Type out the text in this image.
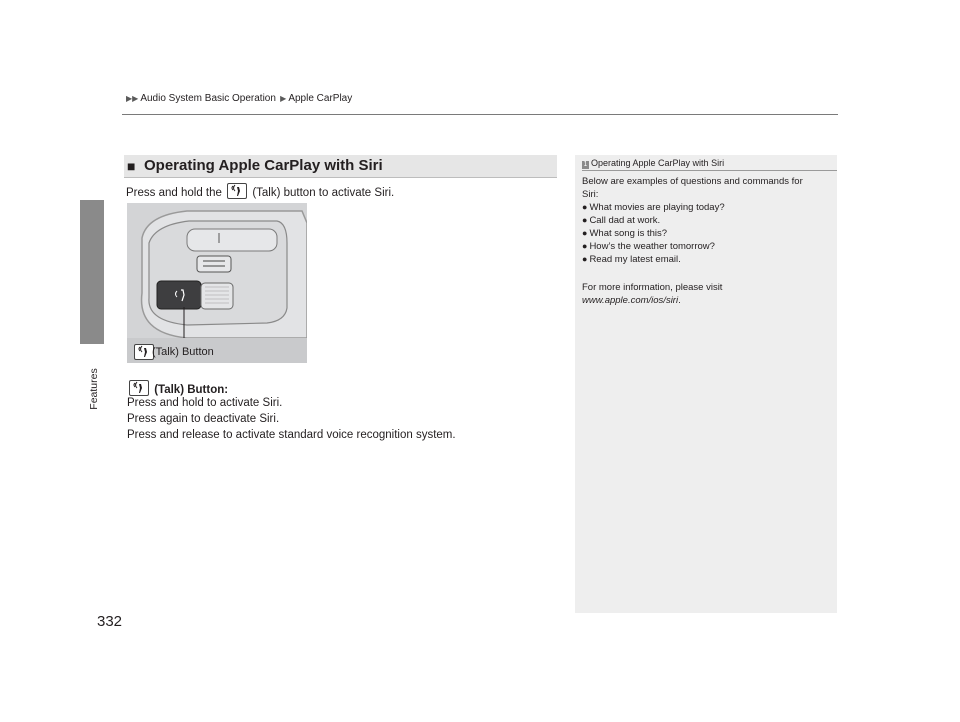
▶▶ Audio System Basic Operation ▶ Apple CarPlay
Features
332
■ Operating Apple CarPlay with Siri
Press and hold the	(Talk) button to activate Siri.
(Talk) Button
(Talk) Button:
Press and hold to activate Siri.
Press again to deactivate Siri.
Press and release to activate standard voice recognition system.
1 Operating Apple CarPlay with Siri
Below are examples of questions and commands for
Siri:
● What movies are playing today?
● Call dad at work.
● What song is this?
● How’s the weather tomorrow?
● Read my latest email.
For more information, please visit
www.apple.com/ios/siri.
